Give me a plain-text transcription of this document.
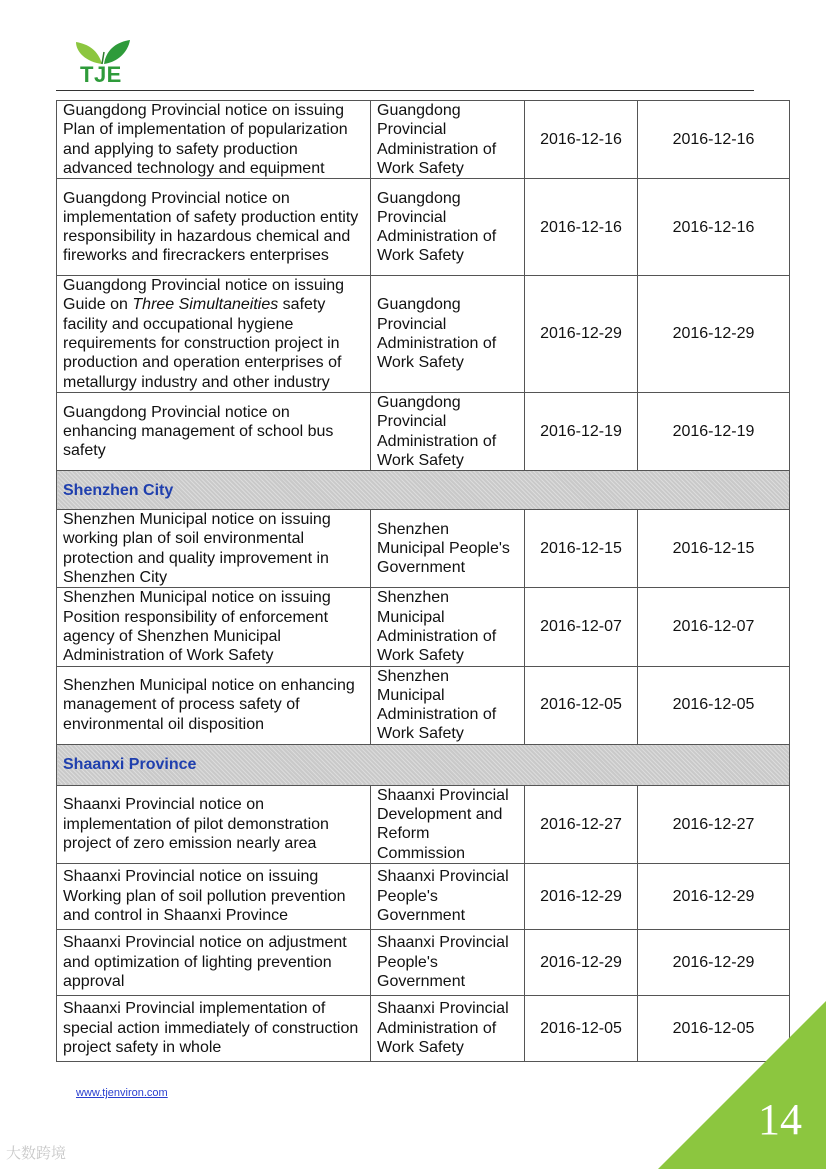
TJE
Guangdong Provincial notice on issuing Plan of implementation of popularization and applying to safety production advanced technology and equipment	Guangdong Provincial Administration of Work Safety	2016-12-16	2016-12-16
Guangdong Provincial notice on implementation of safety production entity responsibility in hazardous chemical and fireworks and firecrackers enterprises	Guangdong Provincial Administration of Work Safety	2016-12-16	2016-12-16
Guangdong Provincial notice on issuing Guide on Three Simultaneities safety facility and occupational hygiene requirements for construction project in production and operation enterprises of metallurgy industry and other industry	Guangdong Provincial Administration of Work Safety	2016-12-29	2016-12-29
Guangdong Provincial notice on enhancing management of school bus safety	Guangdong Provincial Administration of Work Safety	2016-12-19	2016-12-19
Shenzhen City			
Shenzhen Municipal notice on issuing working plan of soil environmental protection and quality improvement in Shenzhen City	Shenzhen Municipal People's Government	2016-12-15	2016-12-15
Shenzhen Municipal notice on issuing Position responsibility of enforcement agency of Shenzhen Municipal Administration of Work Safety	Shenzhen Municipal Administration of Work Safety	2016-12-07	2016-12-07
Shenzhen Municipal notice on enhancing management of process safety of environmental oil disposition	Shenzhen Municipal Administration of Work Safety	2016-12-05	2016-12-05
Shaanxi Province			
Shaanxi Provincial notice on implementation of pilot demonstration project of zero emission nearly area	Shaanxi Provincial Development and Reform Commission	2016-12-27	2016-12-27
Shaanxi Provincial notice on issuing Working plan of soil pollution prevention and control in Shaanxi Province	Shaanxi Provincial People's Government	2016-12-29	2016-12-29
Shaanxi Provincial notice on adjustment and optimization of lighting prevention approval	Shaanxi Provincial People's Government	2016-12-29	2016-12-29
Shaanxi Provincial implementation of special action immediately of construction project safety in whole	Shaanxi Provincial Administration of Work Safety	2016-12-05	2016-12-05
www.tjenviron.com
14
大数跨境
